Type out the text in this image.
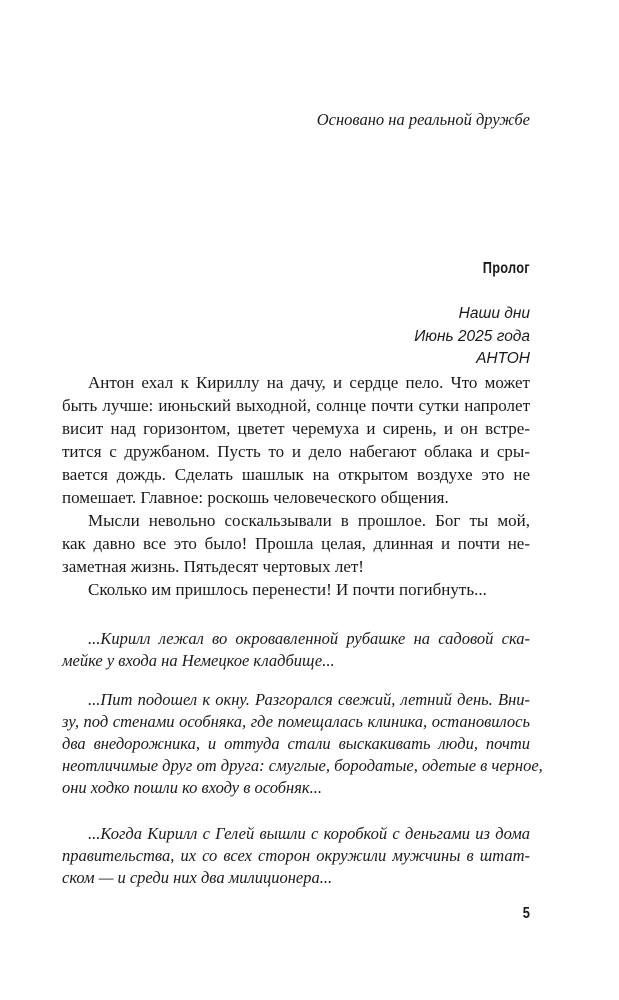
Основано на реальной дружбе
Пролог
Наши дни
Июнь 2025 года
АНТОН
Антон ехал к Кириллу на дачу, и сердце пело. Что может
быть лучше: июньский выходной, солнце почти сутки напролет
висит над горизонтом, цветет черемуха и сирень, и он встре-
тится с дружбаном. Пусть то и дело набегают облака и сры-
вается дождь. Сделать шашлык на открытом воздухе это не
помешает. Главное: роскошь человеческого общения.
Мысли невольно соскальзывали в прошлое. Бог ты мой,
как давно все это было! Прошла целая, длинная и почти не-
заметная жизнь. Пятьдесят чертовых лет!
Сколько им пришлось перенести! И почти погибнуть...
...Кирилл лежал во окровавленной рубашке на садовой ска-
мейке у входа на Немецкое кладбище...
...Пит подошел к окну. Разгорался свежий, летний день. Вни-
зу, под стенами особняка, где помещалась клиника, остановилось
два внедорожника, и оттуда стали выскакивать люди, почти
неотличимые друг от друга: смуглые, бородатые, одетые в черное,
они ходко пошли ко входу в особняк...
...Когда Кирилл с Гелей вышли с коробкой с деньгами из дома
правительства, их со всех сторон окружили мужчины в штат-
ском — и среди них два милиционера...
5
